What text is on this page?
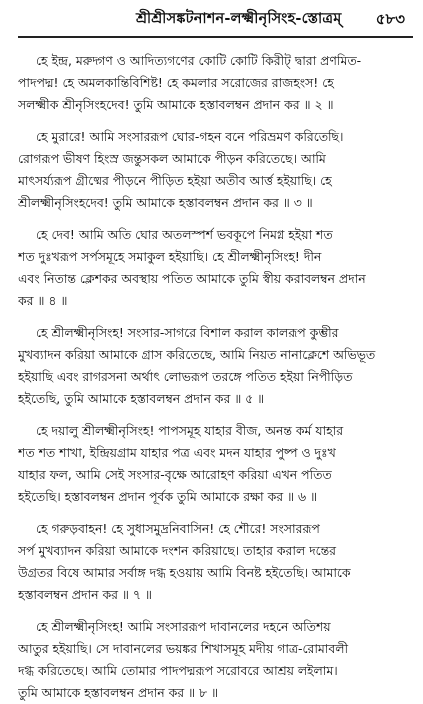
শ্রীশ্রীসঙ্কটনাশন-লক্ষ্মীনৃসিংহ-স্তোত্রম্ ৫৮৩

হে ইন্দ্র, মরুদ্গণ ও আদিত্যগণের কোটি কোটি কিরীট্ দ্বারা প্রণমিত-
পাদপদ্ম! হে অমলকান্তিবিশিষ্ট! হে কমলার সরোজের রাজহংস! হে
সলক্ষ্মীক শ্রীনৃসিংহদেব! তুমি আমাকে হস্তাবলম্বন প্রদান কর ॥ ২ ॥

হে মুরারে! আমি সংসাররূপ ঘোর-গহন বনে পরিভ্রমণ করিতেছি।
রোগরূপ ভীষণ হিংস্র জন্তুসকল আমাকে পীড়ন করিতেছে। আমি
মাৎসর্য্যরূপ গ্রীষ্মের পীড়নে পীড়িত হইয়া অতীব আর্ত্ত হইয়াছি। হে
শ্রীলক্ষ্মীনৃসিংহদেব! তুমি আমাকে হস্তাবলম্বন প্রদান কর ॥ ৩ ॥

হে দেব! আমি অতি ঘোর অতলস্পর্শ ভবকূপে নিমগ্ন হইয়া শত
শত দুঃখরূপ সর্পসমূহে সমাকুল হইয়াছি। হে শ্রীলক্ষ্মীনৃসিংহ! দীন
এবং নিতান্ত ক্লেশকর অবস্থায় পতিত আমাকে তুমি স্বীয় করাবলম্বন প্রদান
কর ॥ ৪ ॥

হে শ্রীলক্ষ্মীনৃসিংহ! সংসার-সাগরে বিশাল করাল কালরূপ কুম্ভীর
মুখব্যাদন করিয়া আমাকে গ্রাস করিতেছে, আমি নিয়ত নানাক্লেশে অভিভূত
হইয়াছি এবং রাগরসনা অর্থাৎ লোভরূপ তরঙ্গে পতিত হইয়া নিপীড়িত
হইতেছি, তুমি আমাকে হস্তাবলম্বন প্রদান কর ॥ ৫ ॥

হে দয়ালু শ্রীলক্ষ্মীনৃসিংহ! পাপসমূহ যাহার বীজ, অনন্ত কর্ম যাহার
শত শত শাখা, ইন্দ্রিয়গ্রাম যাহার পত্র এবং মদন যাহার পুষ্প ও দুঃখ
যাহার ফল, আমি সেই সংসার-বৃক্ষে আরোহণ করিয়া এখন পতিত
হইতেছি। হস্তাবলম্বন প্রদান পূর্বক তুমি আমাকে রক্ষা কর ॥ ৬ ॥

হে গরুড়বাহন! হে সুধাসমুদ্রনিবাসিন! হে শৌরে! সংসাররূপ
সর্প মুখব্যাদন করিয়া আমাকে দংশন করিয়াছে। তাহার করাল দন্তের
উগ্রতর বিষে আমার সর্বাঙ্গ দগ্ধ হওয়ায় আমি বিনষ্ট হইতেছি। আমাকে
হস্তাবলম্বন প্রদান কর ॥ ৭ ॥

হে শ্রীলক্ষ্মীনৃসিংহ! আমি সংসাররূপ দাবানলের দহনে অতিশয়
আতুর হইয়াছি। সে দাবানলের ভয়ঙ্কর শিখাসমূহ মদীয় গাত্র-রোমাবলী
দগ্ধ করিতেছে। আমি তোমার পাদপদ্মরূপ সরোবরে আশ্রয় লইলাম।
তুমি আমাকে হস্তাবলম্বন প্রদান কর ॥ ৮ ॥
